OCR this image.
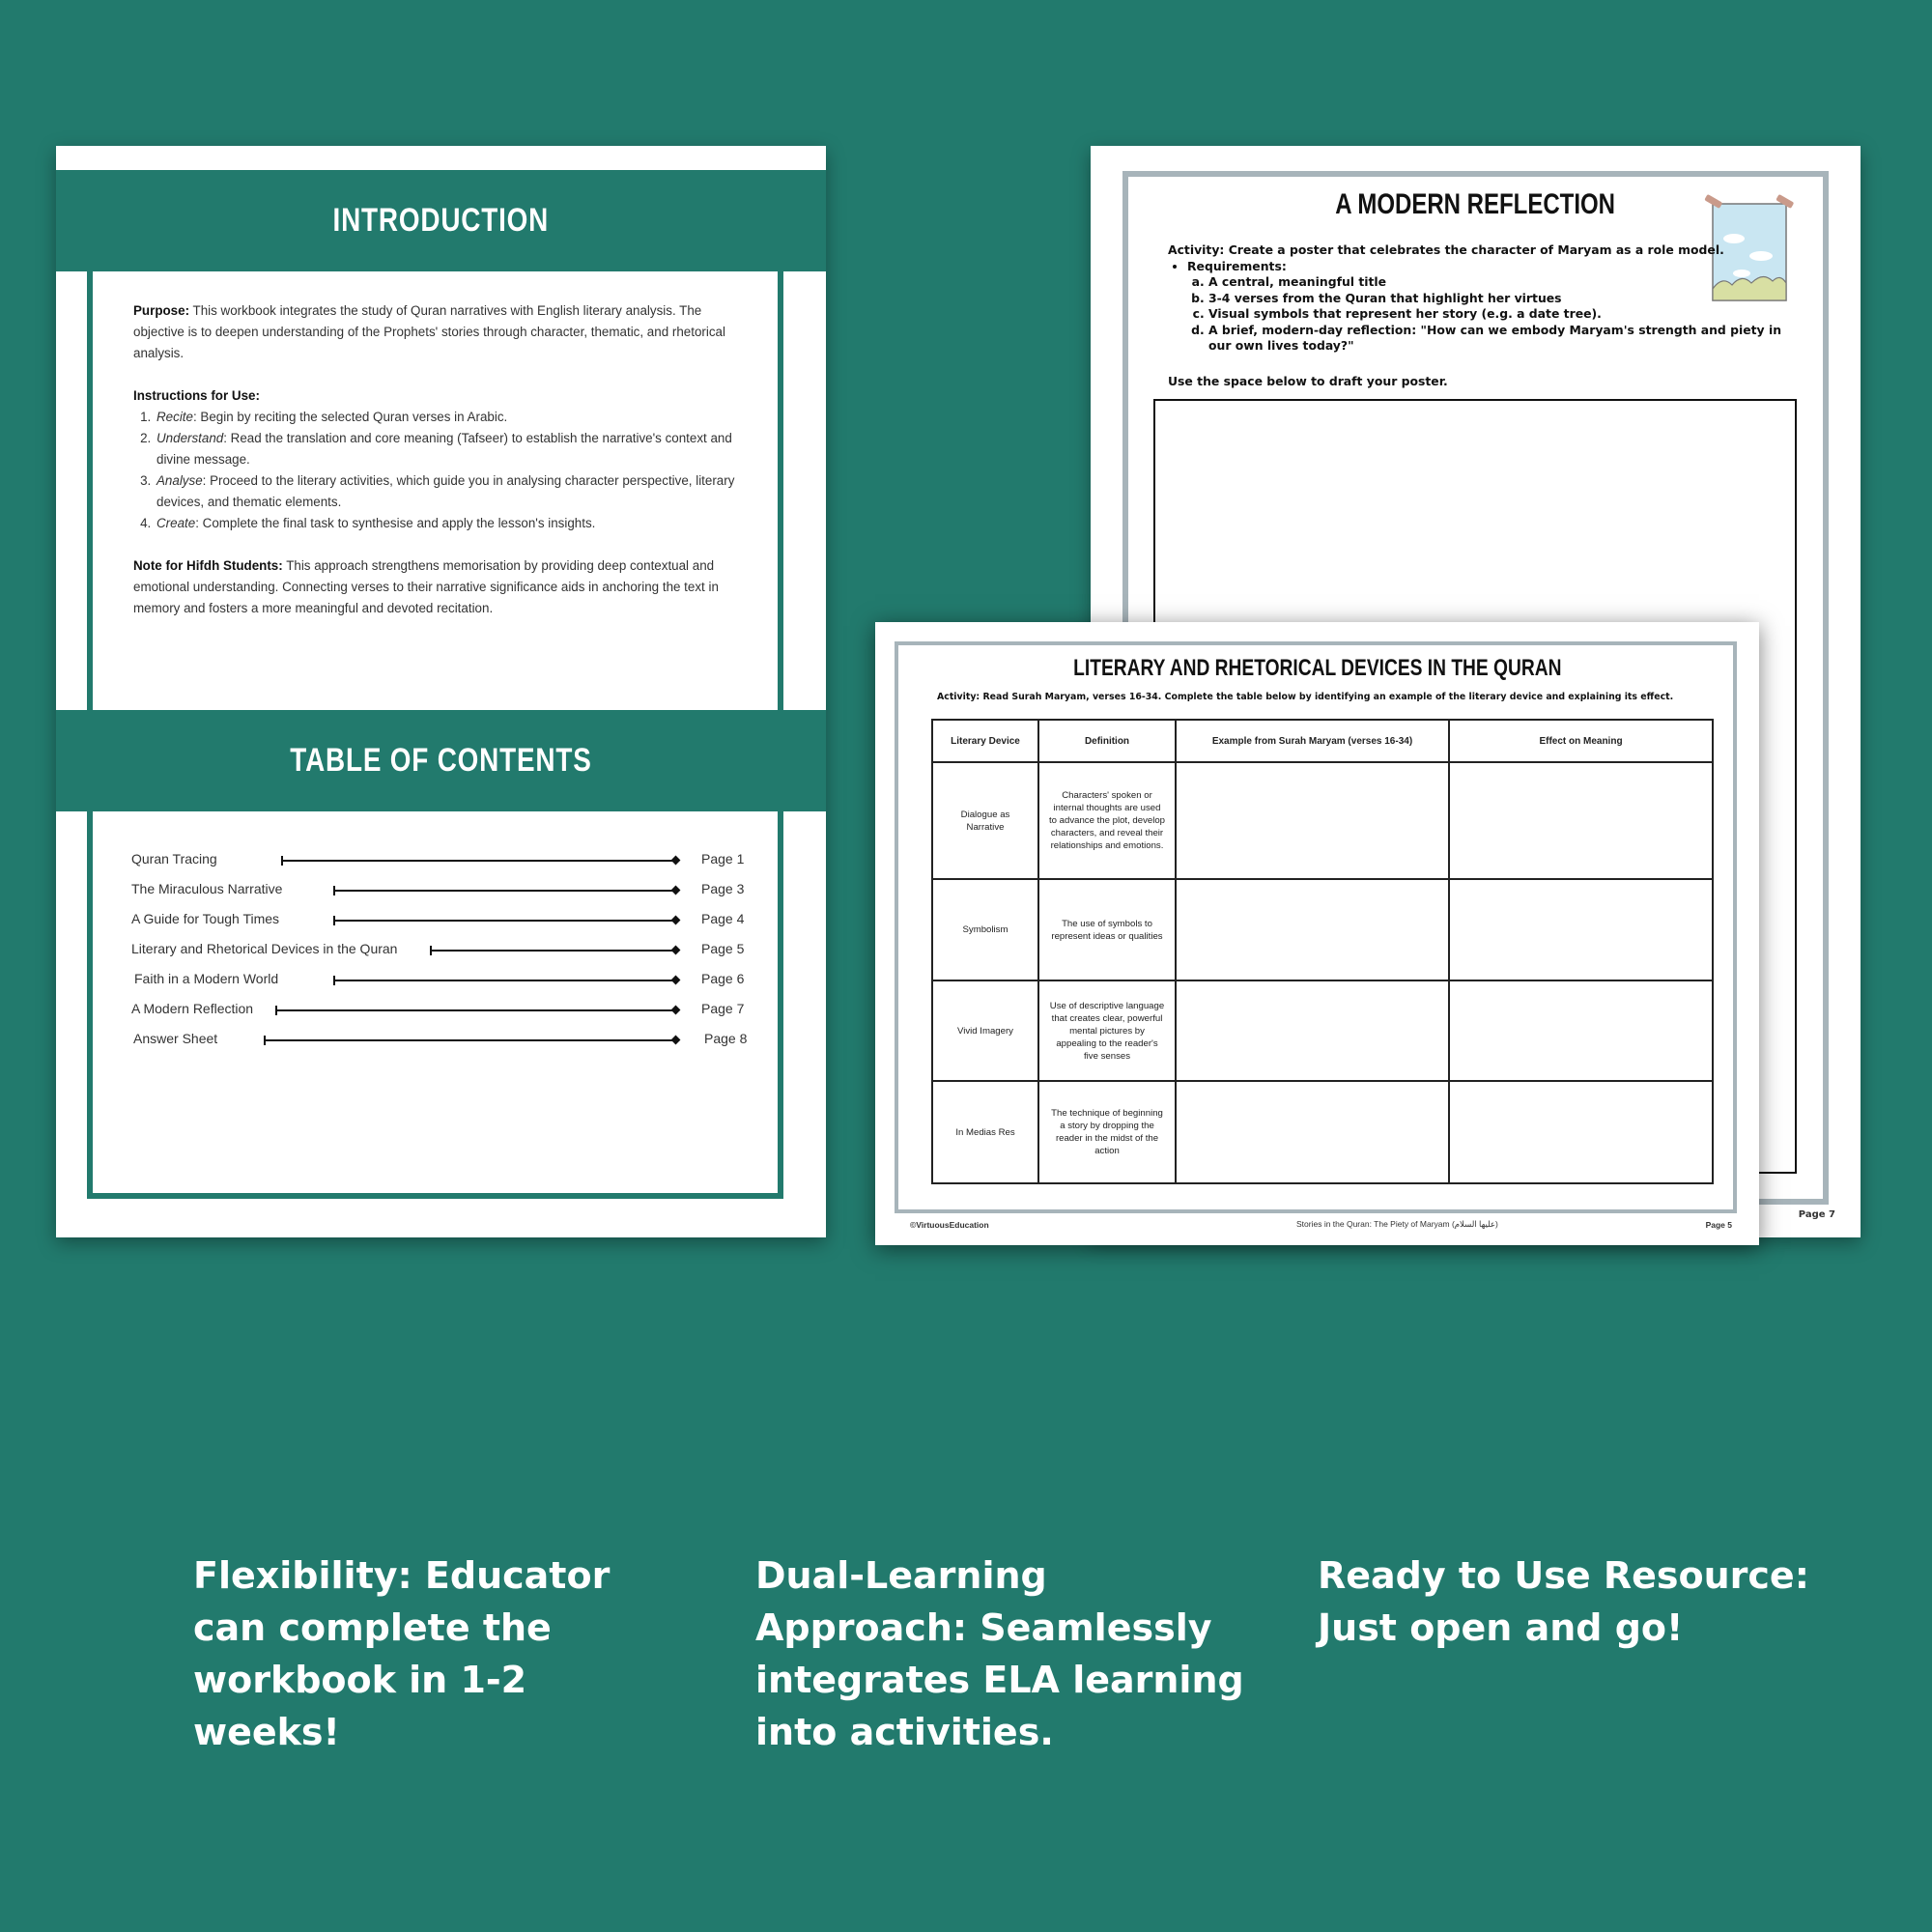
INTRODUCTION

Purpose: This workbook integrates the study of Quran narratives with English literary analysis. The objective is to deepen understanding of the Prophets' stories through character, thematic, and rhetorical analysis.

Instructions for Use:
1. Recite: Begin by reciting the selected Quran verses in Arabic.
2. Understand: Read the translation and core meaning (Tafseer) to establish the narrative's context and divine message.
3. Analyse: Proceed to the literary activities, which guide you in analysing character perspective, literary devices, and thematic elements.
4. Create: Complete the final task to synthesise and apply the lesson's insights.

Note for Hifdh Students: This approach strengthens memorisation by providing deep contextual and emotional understanding. Connecting verses to their narrative significance aids in anchoring the text in memory and fosters a more meaningful and devoted recitation.

TABLE OF CONTENTS
Quran Tracing	Page 1
The Miraculous Narrative	Page 3
A Guide for Tough Times	Page 4
Literary and Rhetorical Devices in the Quran	Page 5
Faith in a Modern World	Page 6
A Modern Reflection	Page 7
Answer Sheet	Page 8
A MODERN REFLECTION
Activity: Create a poster that celebrates the character of Maryam as a role model.
• Requirements:
a. A central, meaningful title
b. 3-4 verses from the Quran that highlight her virtues
c. Visual symbols that represent her story (e.g. a date tree).
d. A brief, modern-day reflection: "How can we embody Maryam's strength and piety in our own lives today?"
Use the space below to draft your poster.
Page 7
LITERARY AND RHETORICAL DEVICES IN THE QURAN
Activity: Read Surah Maryam, verses 16-34. Complete the table below by identifying an example of the literary device and explaining its effect.
Literary Device	Definition	Example from Surah Maryam (verses 16-34)	Effect on Meaning
Dialogue as Narrative	Characters' spoken or internal thoughts are used to advance the plot, develop characters, and reveal their relationships and emotions.		
Symbolism	The use of symbols to represent ideas or qualities		
Vivid Imagery	Use of descriptive language that creates clear, powerful mental pictures by appealing to the reader's five senses		
In Medias Res	The technique of beginning a story by dropping the reader in the midst of the action		
©VirtuousEducation	Stories in the Quran: The Piety of Maryam (عليها السلام)	Page 5
Flexibility: Educator can complete the workbook in 1-2 weeks!
Dual-Learning Approach: Seamlessly integrates ELA learning into activities.
Ready to Use Resource: Just open and go!
